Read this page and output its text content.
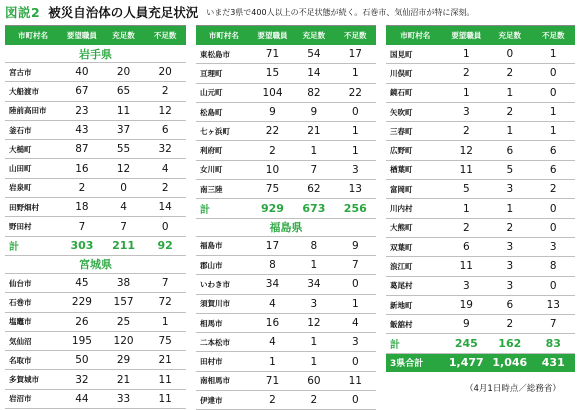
図説2 被災自治体の人員充足状況 いまだ3県で400人以上の不足状態が続く。石巻市、気仙沼市が特に深刻。
市町村名	要望職員	充足数	不足数
岩手県			
宮古市	40	20	20
大船渡市	67	65	2
陸前高田市	23	11	12
釜石市	43	37	6
大槌町	87	55	32
山田町	16	12	4
岩泉町	2	0	2
田野畑村	18	4	14
野田村	7	7	0
計	303	211	92
宮城県			
仙台市	45	38	7
石巻市	229	157	72
塩竈市	26	25	1
気仙沼	195	120	75
名取市	50	29	21
多賀城市	32	21	11
岩沼市	44	33	11
市町村名	要望職員	充足数	不足数
東松島市	71	54	17
亘理町	15	14	1
山元町	104	82	22
松島町	9	9	0
七ヶ浜町	22	21	1
利府町	2	1	1
女川町	10	7	3
南三陸	75	62	13
計	929	673	256
福島県			
福島市	17	8	9
郡山市	8	1	7
いわき市	34	34	0
須賀川市	4	3	1
相馬市	16	12	4
二本松市	4	1	3
田村市	1	1	0
南相馬市	71	60	11
伊達市	2	2	0
市町村名	要望職員	充足数	不足数
国見町	1	0	1
川俣町	2	2	0
鏡石町	1	1	0
矢吹町	3	2	1
三春町	2	1	1
広野町	12	6	6
楢葉町	11	5	6
富岡町	5	3	2
川内村	1	1	0
大熊町	2	2	0
双葉町	6	3	3
浪江町	11	3	8
葛尾村	3	3	0
新地町	19	6	13
飯舘村	9	2	7
計	245	162	83
3県合計	1,477	1,046	431
（4月1日時点／総務省）
